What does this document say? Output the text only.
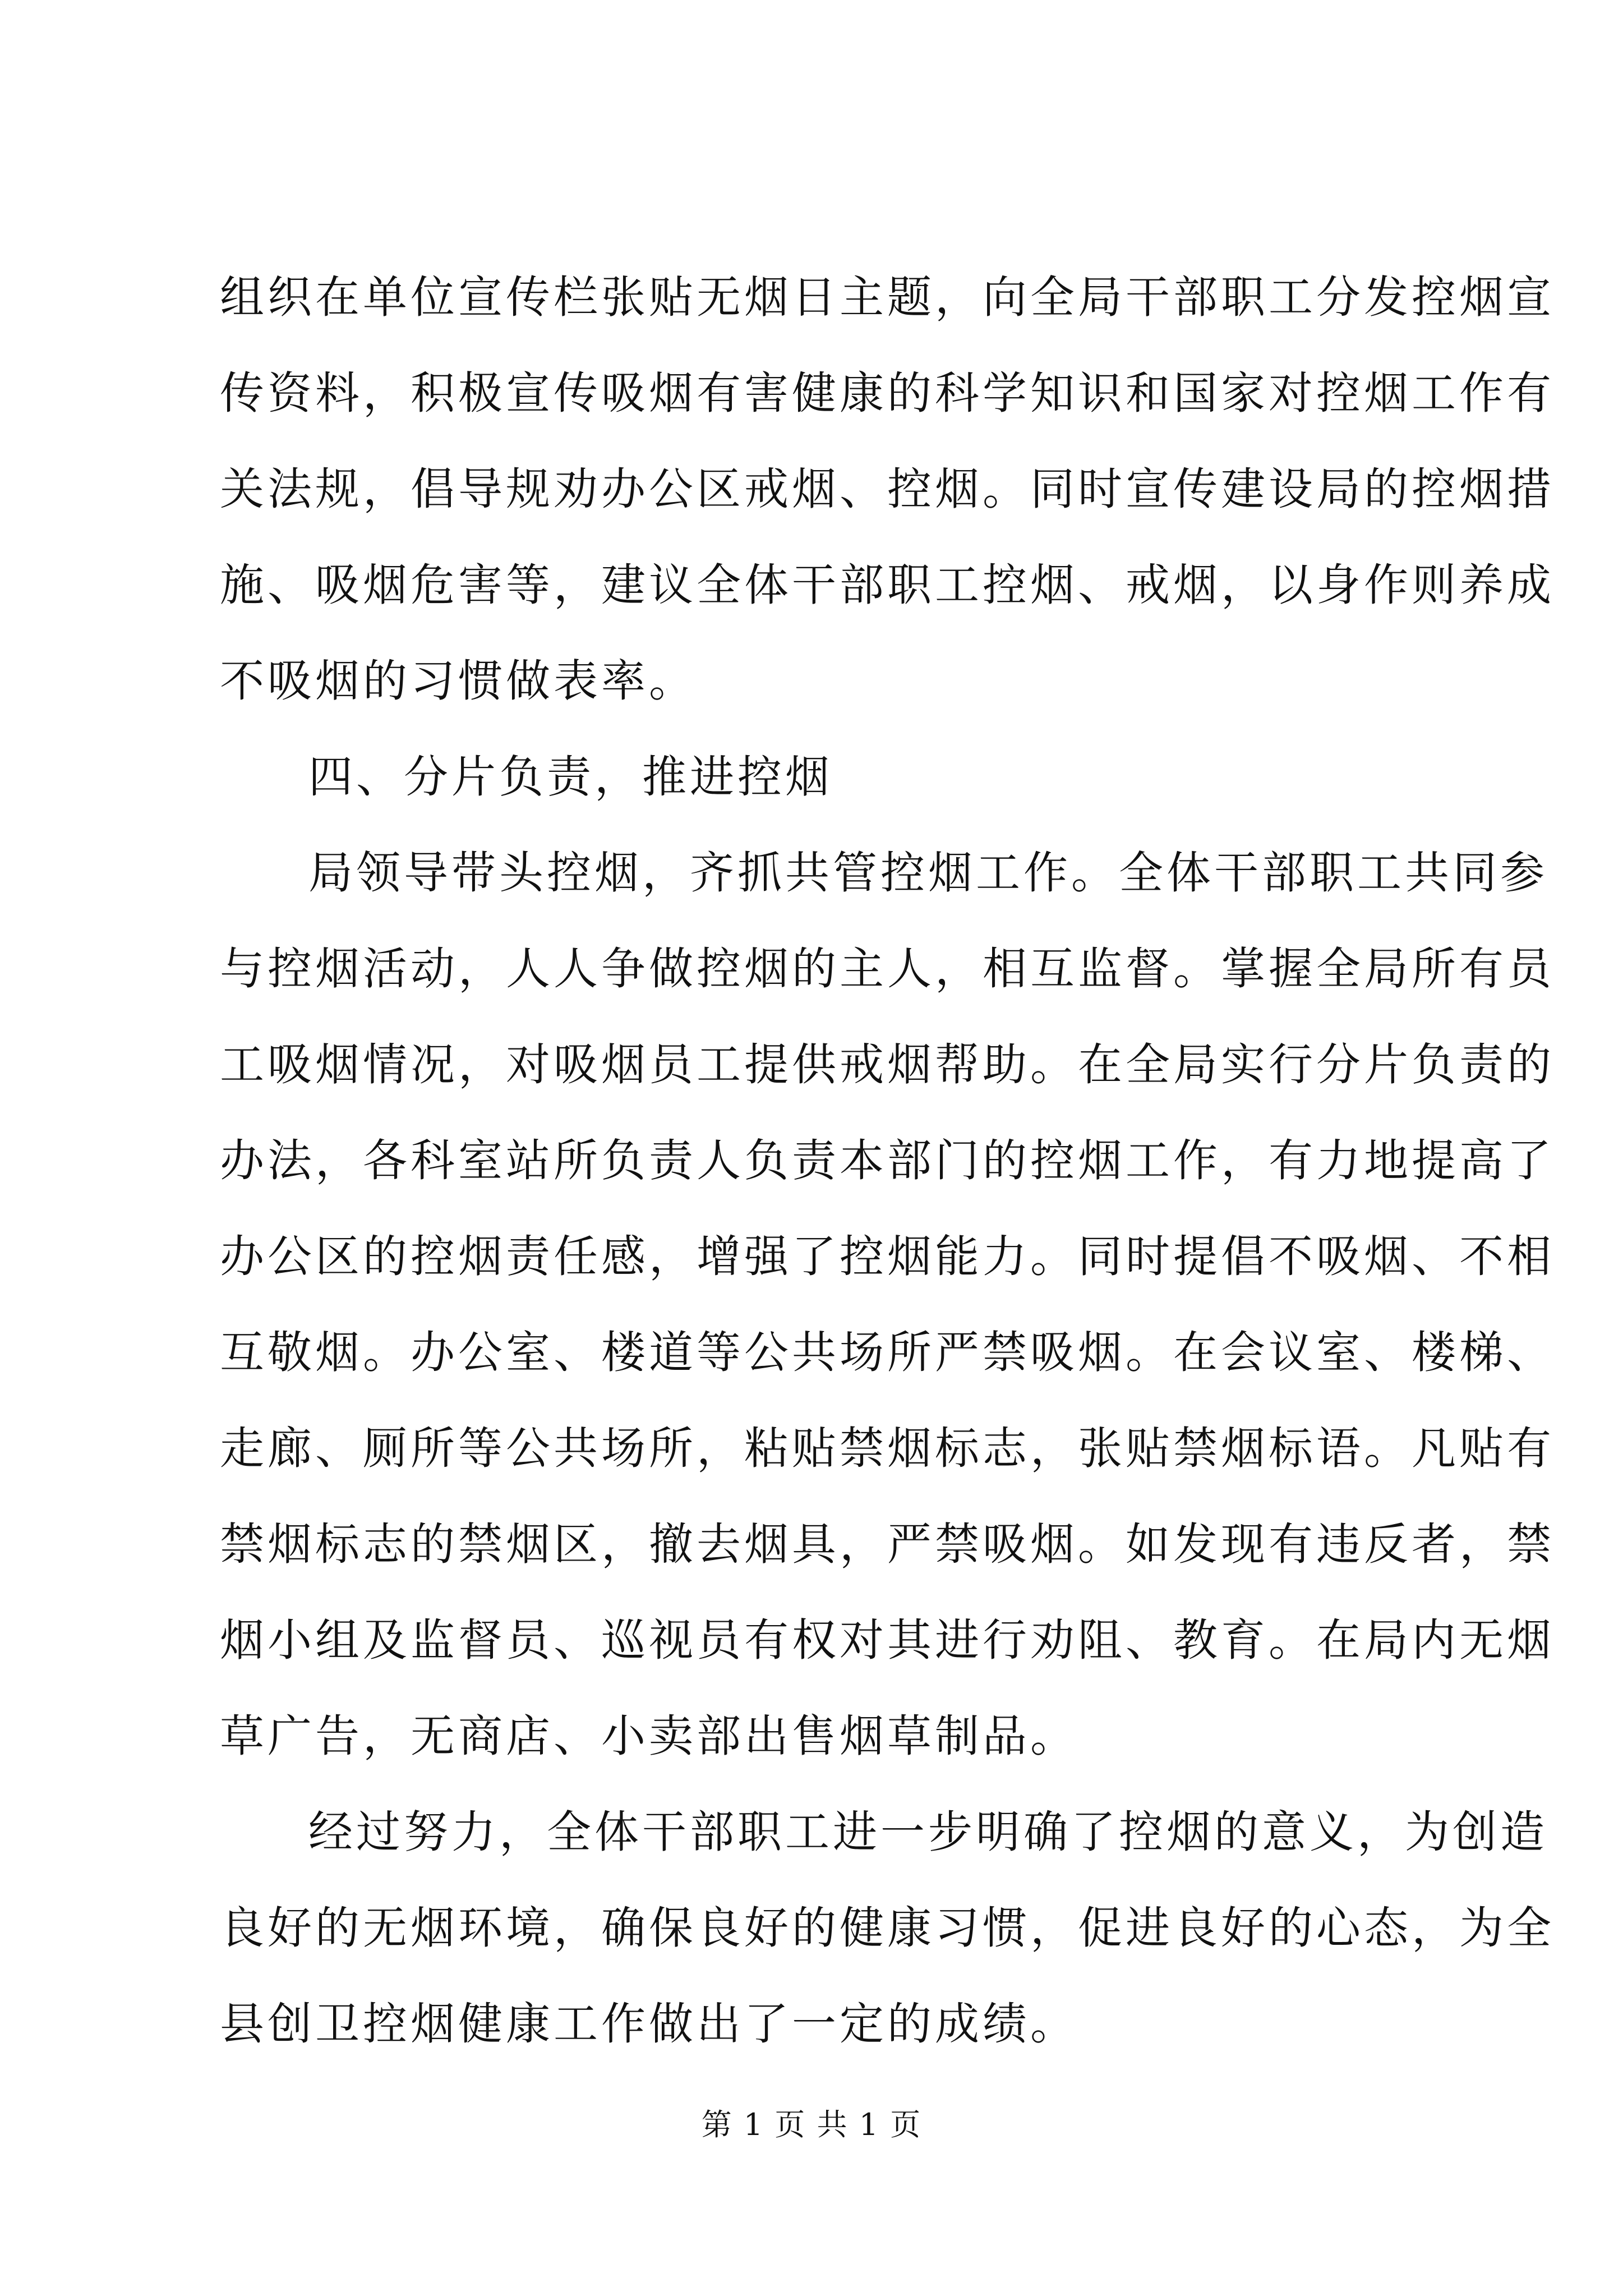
组织在单位宣传栏张贴无烟日主题，向全局干部职工分发控烟宣
传资料，积极宣传吸烟有害健康的科学知识和国家对控烟工作有
关法规，倡导规劝办公区戒烟、控烟。同时宣传建设局的控烟措
施、吸烟危害等，建议全体干部职工控烟、戒烟，以身作则养成
不吸烟的习惯做表率。
四、分片负责，推进控烟
局领导带头控烟，齐抓共管控烟工作。全体干部职工共同参
与控烟活动，人人争做控烟的主人，相互监督。掌握全局所有员
工吸烟情况，对吸烟员工提供戒烟帮助。在全局实行分片负责的
办法，各科室站所负责人负责本部门的控烟工作，有力地提高了
办公区的控烟责任感，增强了控烟能力。同时提倡不吸烟、不相
互敬烟。办公室、楼道等公共场所严禁吸烟。在会议室、楼梯、
走廊、厕所等公共场所，粘贴禁烟标志，张贴禁烟标语。凡贴有
禁烟标志的禁烟区，撤去烟具，严禁吸烟。如发现有违反者，禁
烟小组及监督员、巡视员有权对其进行劝阻、教育。在局内无烟
草广告，无商店、小卖部出售烟草制品。
经过努力，全体干部职工进一步明确了控烟的意义，为创造
良好的无烟环境，确保良好的健康习惯，促进良好的心态，为全
县创卫控烟健康工作做出了一定的成绩。
第 1 页 共 1 页
